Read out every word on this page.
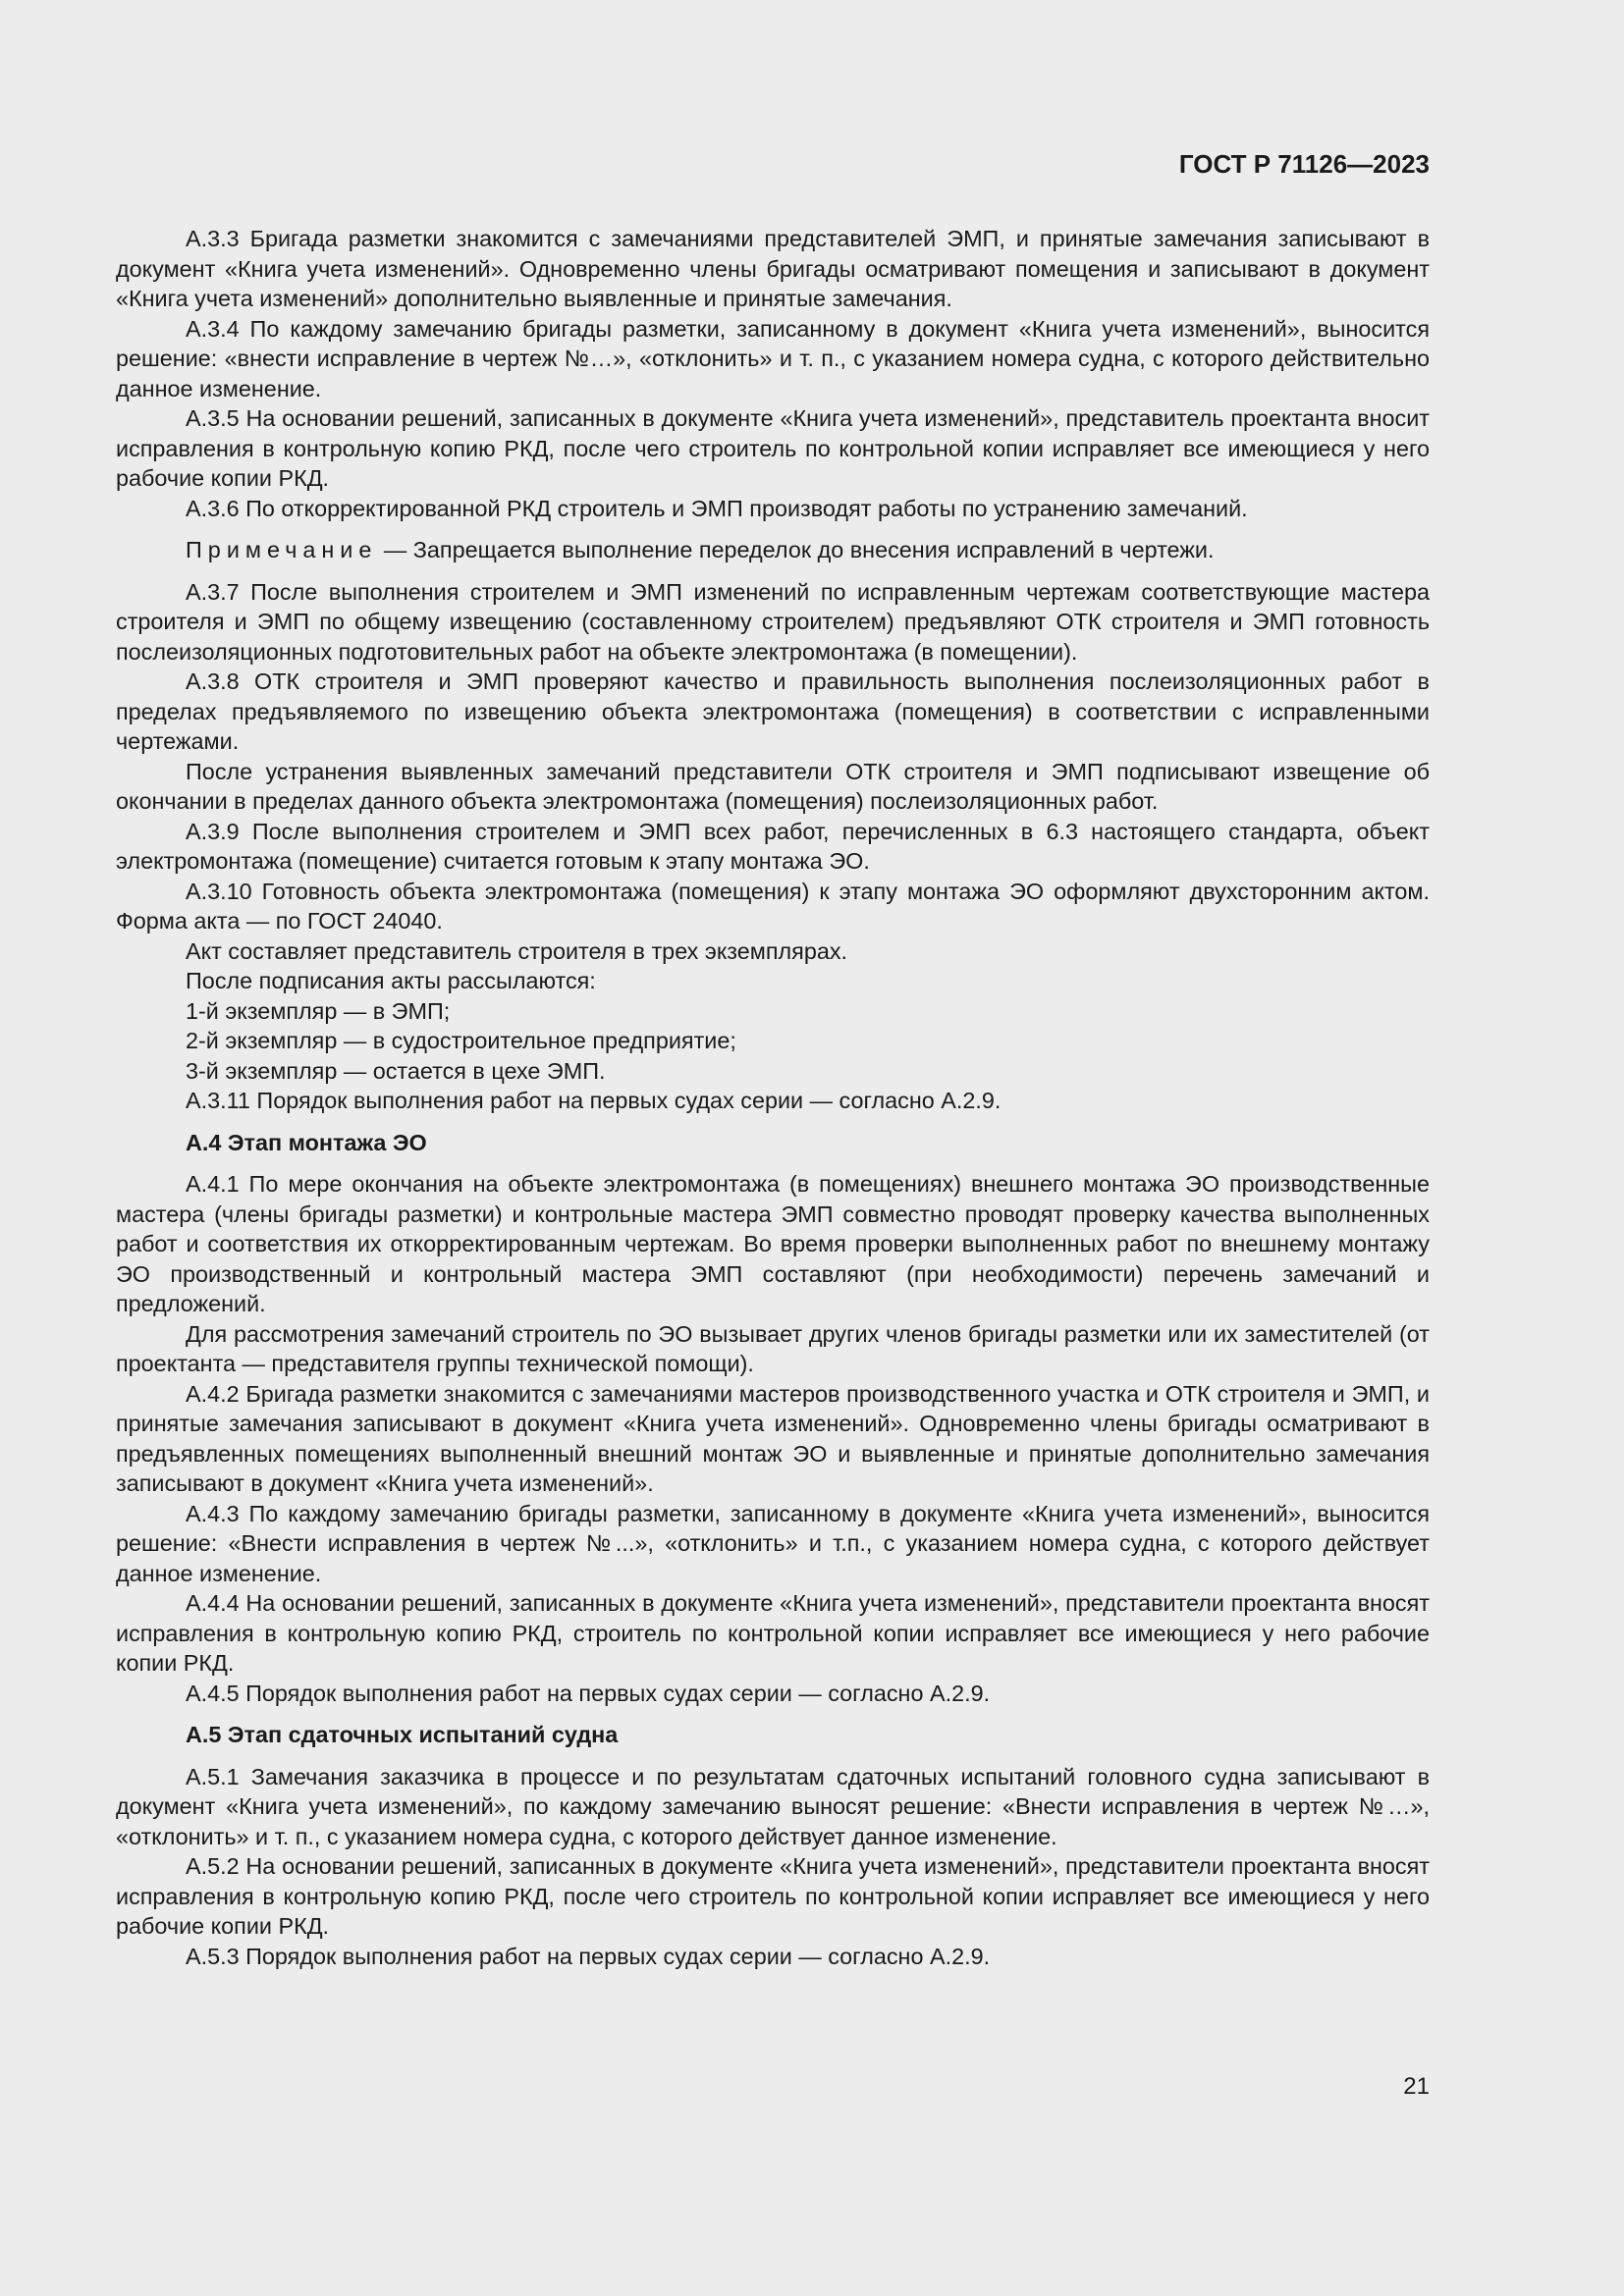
ГОСТ Р 71126—2023

А.3.3 Бригада разметки знакомится с замечаниями представителей ЭМП, и принятые замечания записывают в документ «Книга учета изменений». Одновременно члены бригады осматривают помещения и записывают в документ «Книга учета изменений» дополнительно выявленные и принятые замечания.

А.3.4 По каждому замечанию бригады разметки, записанному в документ «Книга учета изменений», выносится решение: «внести исправление в чертеж №…», «отклонить» и т. п., с указанием номера судна, с которого действительно данное изменение.

А.3.5 На основании решений, записанных в документе «Книга учета изменений», представитель проектанта вносит исправления в контрольную копию РКД, после чего строитель по контрольной копии исправляет все имеющиеся у него рабочие копии РКД.

А.3.6 По откорректированной РКД строитель и ЭМП производят работы по устранению замечаний.

Примечание — Запрещается выполнение переделок до внесения исправлений в чертежи.

А.3.7 После выполнения строителем и ЭМП изменений по исправленным чертежам соответствующие мастера строителя и ЭМП по общему извещению (составленному строителем) предъявляют ОТК строителя и ЭМП готовность послеизоляционных подготовительных работ на объекте электромонтажа (в помещении).

А.3.8 ОТК строителя и ЭМП проверяют качество и правильность выполнения послеизоляционных работ в пределах предъявляемого по извещению объекта электромонтажа (помещения) в соответствии с исправленными чертежами.

После устранения выявленных замечаний представители ОТК строителя и ЭМП подписывают извещение об окончании в пределах данного объекта электромонтажа (помещения) послеизоляционных работ.

А.3.9 После выполнения строителем и ЭМП всех работ, перечисленных в 6.3 настоящего стандарта, объект электромонтажа (помещение) считается готовым к этапу монтажа ЭО.

А.3.10 Готовность объекта электромонтажа (помещения) к этапу монтажа ЭО оформляют двухсторонним актом. Форма акта — по ГОСТ 24040.

Акт составляет представитель строителя в трех экземплярах.

После подписания акты рассылаются:

1-й экземпляр — в ЭМП;

2-й экземпляр — в судостроительное предприятие;

3-й экземпляр — остается в цехе ЭМП.

А.3.11 Порядок выполнения работ на первых судах серии — согласно А.2.9.

А.4 Этап монтажа ЭО

А.4.1 По мере окончания на объекте электромонтажа (в помещениях) внешнего монтажа ЭО производственные мастера (члены бригады разметки) и контрольные мастера ЭМП совместно проводят проверку качества выполненных работ и соответствия их откорректированным чертежам. Во время проверки выполненных работ по внешнему монтажу ЭО производственный и контрольный мастера ЭМП составляют (при необходимости) перечень замечаний и предложений.

Для рассмотрения замечаний строитель по ЭО вызывает других членов бригады разметки или их заместителей (от проектанта — представителя группы технической помощи).

А.4.2 Бригада разметки знакомится с замечаниями мастеров производственного участка и ОТК строителя и ЭМП, и принятые замечания записывают в документ «Книга учета изменений». Одновременно члены бригады осматривают в предъявленных помещениях выполненный внешний монтаж ЭО и выявленные и принятые дополнительно замечания записывают в документ «Книга учета изменений».

А.4.3 По каждому замечанию бригады разметки, записанному в документе «Книга учета изменений», выносится решение: «Внести исправления в чертеж №...», «отклонить» и т.п., с указанием номера судна, с которого действует данное изменение.

А.4.4 На основании решений, записанных в документе «Книга учета изменений», представители проектанта вносят исправления в контрольную копию РКД, строитель по контрольной копии исправляет все имеющиеся у него рабочие копии РКД.

А.4.5 Порядок выполнения работ на первых судах серии — согласно А.2.9.

А.5 Этап сдаточных испытаний судна

А.5.1 Замечания заказчика в процессе и по результатам сдаточных испытаний головного судна записывают в документ «Книга учета изменений», по каждому замечанию выносят решение: «Внести исправления в чертеж №…», «отклонить» и т. п., с указанием номера судна, с которого действует данное изменение.

А.5.2 На основании решений, записанных в документе «Книга учета изменений», представители проектанта вносят исправления в контрольную копию РКД, после чего строитель по контрольной копии исправляет все имеющиеся у него рабочие копии РКД.

А.5.3 Порядок выполнения работ на первых судах серии — согласно А.2.9.

21
